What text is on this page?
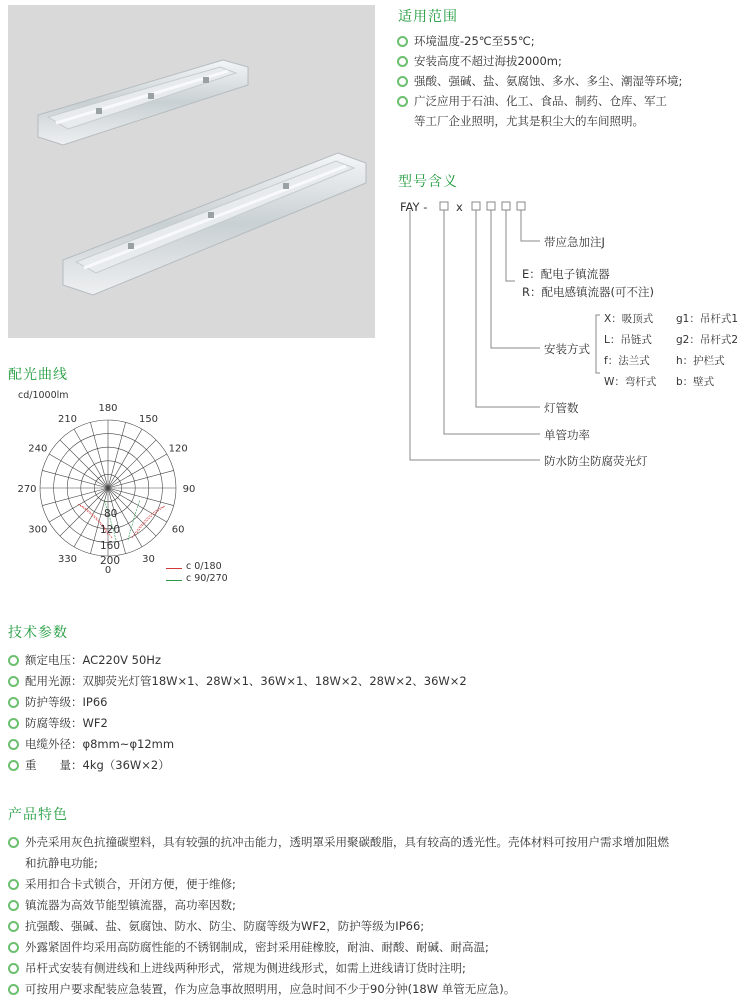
适用范围
环境温度-25℃至55℃;
安装高度不超过海拔2000m;
强酸、强碱、盐、氨腐蚀、多水、多尘、潮湿等环境;
广泛应用于石油、化工、食品、制药、仓库、军工
等工厂企业照明，尤其是积尘大的车间照明。
型号含义
FAY - x
带应急加注J
E：配电子镇流器
R：配电感镇流器(可不注)
安装方式
X：吸顶式 g1：吊杆式1
L：吊链式 g2：吊杆式2
f：法兰式	h：护栏式
W：弯杆式 b：壁式
灯管数
单管功率
防水防尘防腐荧光灯
配光曲线
cd/1000lm
180
150
120
90
60
30
0
330
300
270
240
210
80
120
160
200	c 0/180
c 90/270
技术参数
额定电压：AC220V 50Hz
配用光源：双脚荧光灯管18W×1、28W×1、36W×1、18W×2、28W×2、36W×2
防护等级：IP66
防腐等级：WF2
电缆外径：φ8mm~φ12mm
重　　量：4kg（36W×2）
产品特色
外壳采用灰色抗撞碳塑料，具有较强的抗冲击能力，透明罩采用聚碳酸脂，具有较高的透光性。壳体材料可按用户需求增加阻燃
和抗静电功能;
采用扣合卡式锁合，开闭方便，便于维修;
镇流器为高效节能型镇流器，高功率因数;
抗强酸、强碱、盐、氨腐蚀、防水、防尘、防腐等级为WF2，防护等级为IP66;
外露紧固件均采用高防腐性能的不锈钢制成，密封采用硅橡胶，耐油、耐酸、耐碱、耐高温;
吊杆式安装有侧进线和上进线两种形式，常规为侧进线形式，如需上进线请订货时注明;
可按用户要求配装应急装置，作为应急事故照明用，应急时间不少于90分钟(18W 单管无应急)。
